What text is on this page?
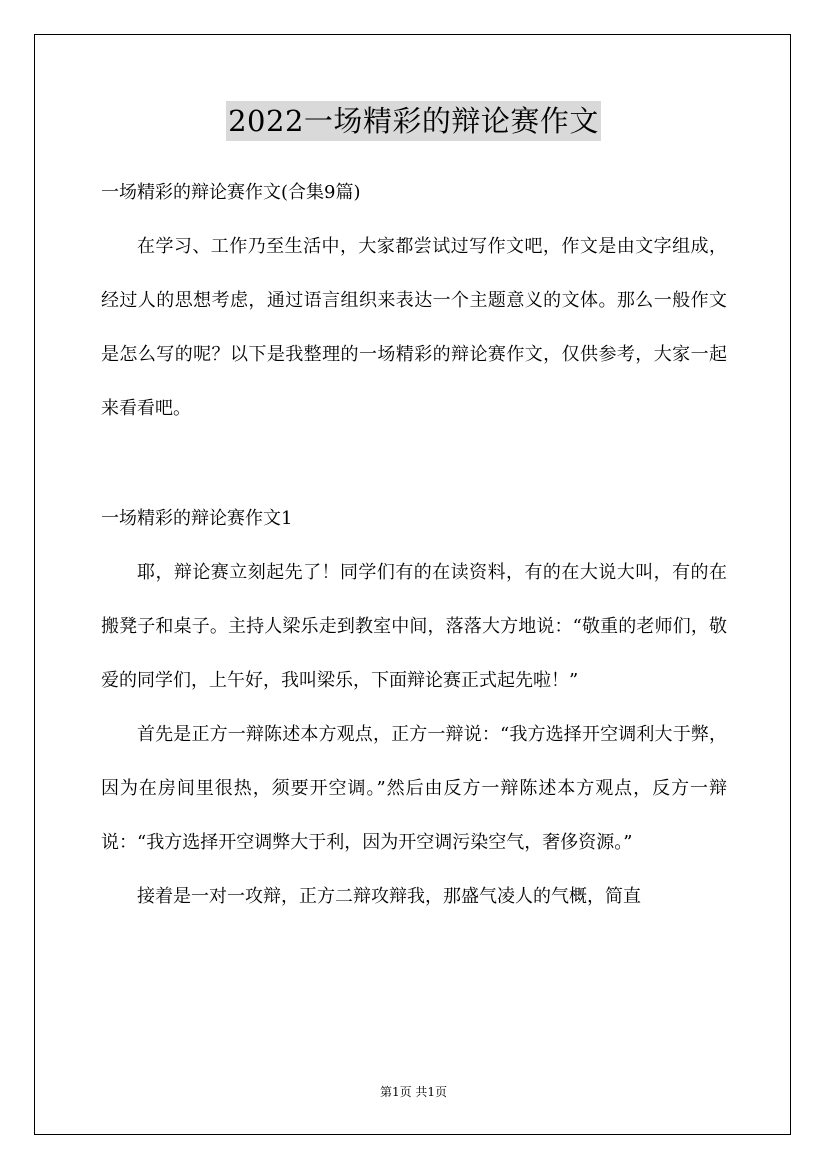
2022一场精彩的辩论赛作文
一场精彩的辩论赛作文(合集9篇)

在学习、工作乃至生活中，大家都尝试过写作文吧，作文是由文字组成，经过人的思想考虑，通过语言组织来表达一个主题意义的文体。那么一般作文是怎么写的呢？以下是我整理的一场精彩的辩论赛作文，仅供参考，大家一起来看看吧。

一场精彩的辩论赛作文1

耶，辩论赛立刻起先了！同学们有的在读资料，有的在大说大叫，有的在搬凳子和桌子。主持人梁乐走到教室中间，落落大方地说：“敬重的老师们，敬爱的同学们，上午好，我叫梁乐，下面辩论赛正式起先啦！”

首先是正方一辩陈述本方观点，正方一辩说：“我方选择开空调利大于弊，因为在房间里很热，须要开空调。”然后由反方一辩陈述本方观点，反方一辩说：“我方选择开空调弊大于利，因为开空调污染空气，奢侈资源。”

接着是一对一攻辩，正方二辩攻辩我，那盛气凌人的气概，简直

第1页 共1页
